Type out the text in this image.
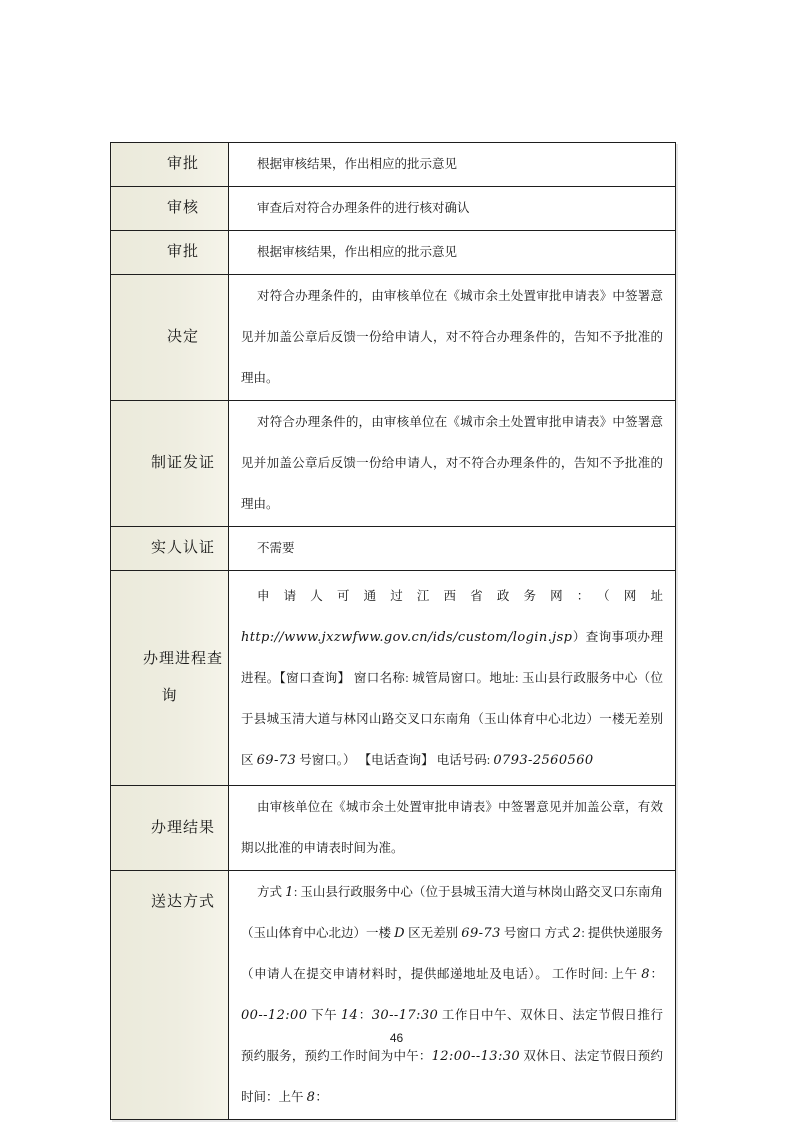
审批	根据审核结果，作出相应的批示意见

审核	审查后对符合办理条件的进行核对确认

审批	根据审核结果，作出相应的批示意见

决定	对符合办理条件的，由审核单位在《城市余土处置审批申请表》中签署意见并加盖公章后反馈一份给申请人，对不符合办理条件的，告知不予批准的理由。

制证发证	对符合办理条件的，由审核单位在《城市余土处置审批申请表》中签署意见并加盖公章后反馈一份给申请人，对不符合办理条件的，告知不予批准的理由。

实人认证	不需要

办理进程查询	申请人可通过江西省政务网：（网址 http://www.jxzwfww.gov.cn/ids/custom/login.jsp）查询事项办理进程。【窗口查询】 窗口名称: 城管局窗口。地址: 玉山县行政服务中心（位于县城玉清大道与林冈山路交叉口东南角（玉山体育中心北边）一楼无差别区 69-73 号窗口。） 【电话查询】 电话号码: 0793-2560560

办理结果	由审核单位在《城市余土处置审批申请表》中签署意见并加盖公章，有效期以批准的申请表时间为准。

送达方式	方式 1: 玉山县行政服务中心（位于县城玉清大道与林岗山路交叉口东南角（玉山体育中心北边）一楼 D 区无差别 69-73 号窗口 方式 2: 提供快递服务（申请人在提交申请材料时，提供邮递地址及电话）。 工作时间: 上午 8：00--12:00 下午 14：30--17:30 工作日中午、双休日、法定节假日推行预约服务，预约工作时间为中午：12:00--13:30 双休日、法定节假日预约时间：上午 8：
46
